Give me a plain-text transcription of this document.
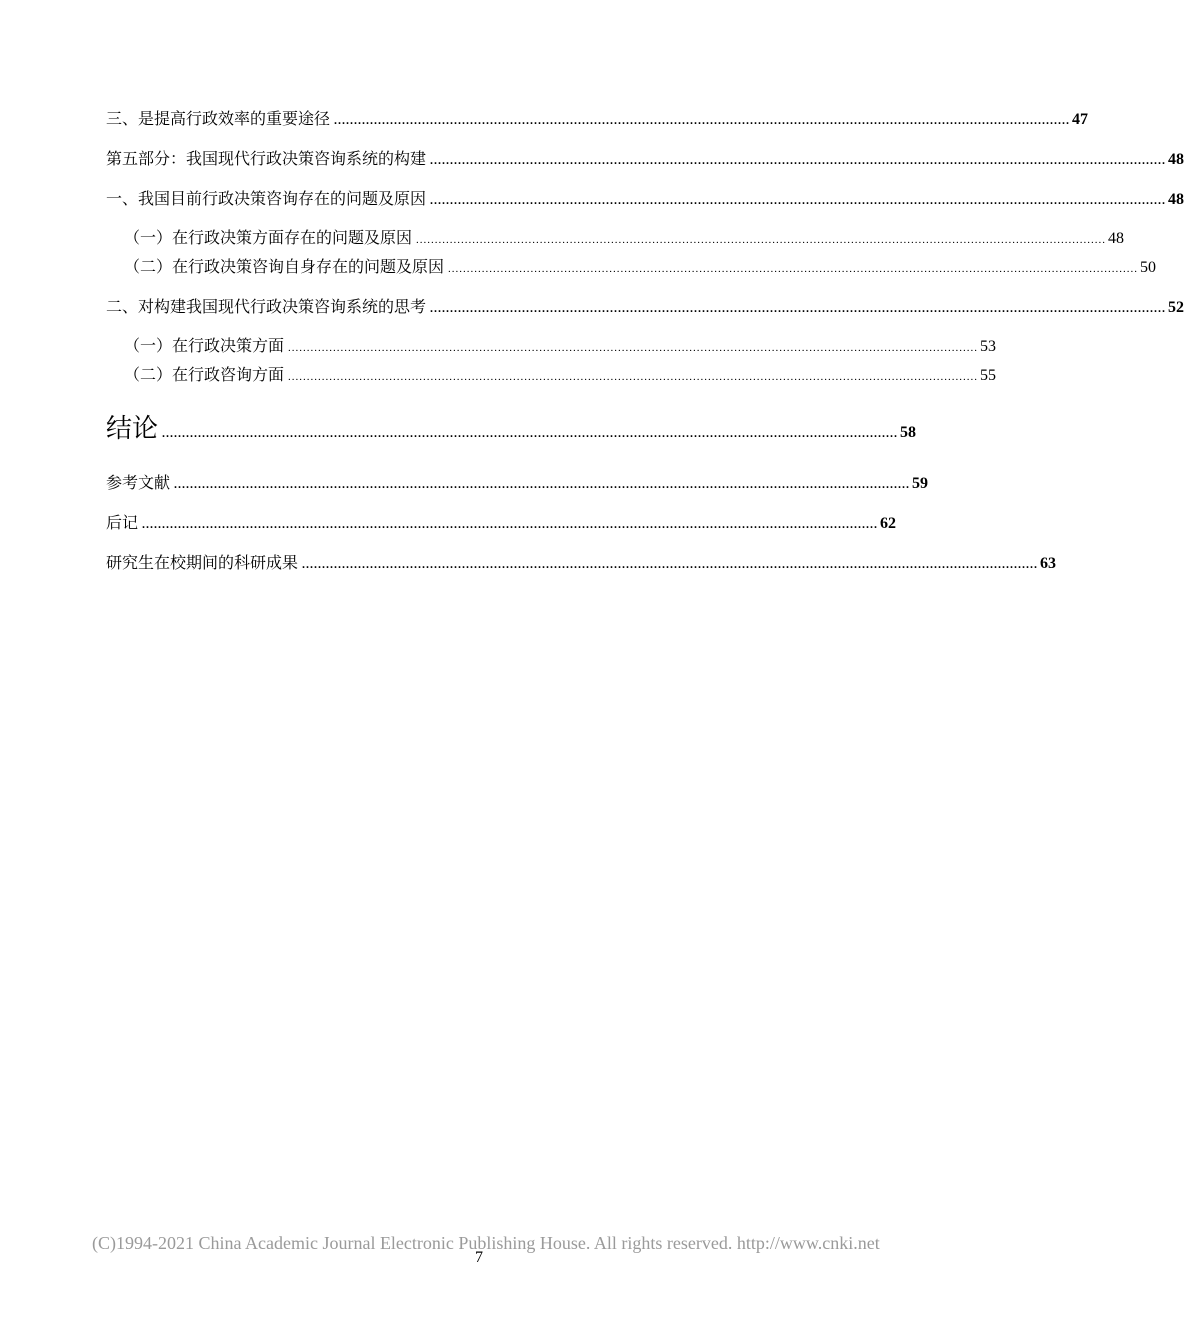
三、是提高行政效率的重要途径 ........................................................................................................................................................................................ 47
第五部分：我国现代行政决策咨询系统的构建 ........................................................................................................................................................................................ 48
一、我国目前行政决策咨询存在的问题及原因 ........................................................................................................................................................................................ 48
（一）在行政决策方面存在的问题及原因 ........................................................................................................................................................................................ 48
（二）在行政决策咨询自身存在的问题及原因 ........................................................................................................................................................................................ 50
二、对构建我国现代行政决策咨询系统的思考 ........................................................................................................................................................................................ 52
（一）在行政决策方面 ........................................................................................................................................................................................ 53
（二）在行政咨询方面 ........................................................................................................................................................................................ 55
结论 ........................................................................................................................................................................................ 58
参考文献 ........................................................................................................................................................................................ 59
后记 ........................................................................................................................................................................................ 62
研究生在校期间的科研成果 ........................................................................................................................................................................................ 63
(C)1994-2021 China Academic Journal Electronic Publishing House. All rights reserved. http://www.cnki.net
7
